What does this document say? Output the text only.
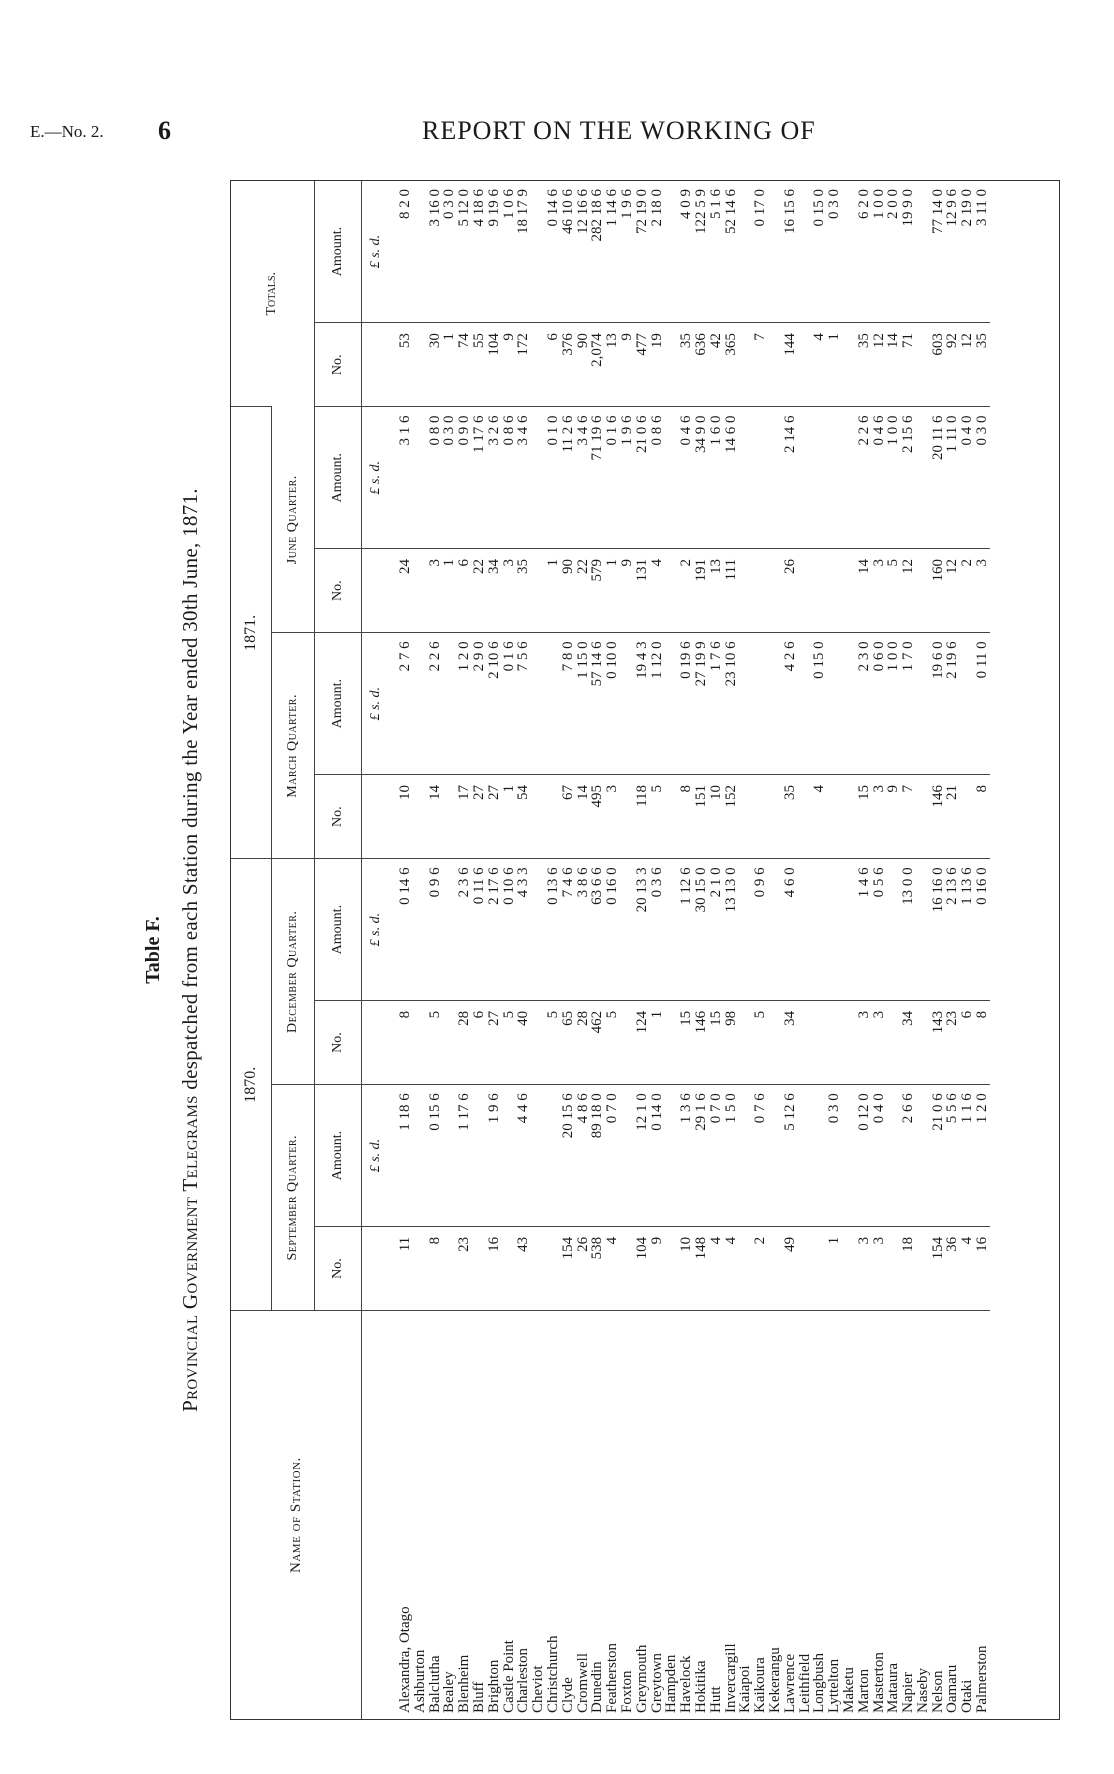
E.—No. 2. 6	REPORT ON THE WORKING OF
Table F.
Provincial Government Telegrams despatched from each Station during the Year ended 30th June, 1871.
Name of Station.	1870.				1871.				Totals.	
	September Quarter.		December Quarter.		March Quarter.		June Quarter.			
	No.	Amount.	No.	Amount.	No.	Amount.	No.	Amount.	No.	Amount.
		£ s. d.		£ s. d.		£ s. d.		£ s. d.		£ s. d.
Alexandra, Otago	11	1 18 6	8	0 14 6	10	2 7 6	24	3 1 6	53	8 2 0
Ashburton										
Balclutha	8	0 15 6	5	0 9 6	14	2 2 6	3	0 8 0	30	3 16 0
Bealey							1	0 3 0	1	0 3 0
Blenheim	23	1 17 6	28	2 3 6	17	1 2 0	6	0 9 0	74	5 12 0
Bluff			6	0 11 6	27	2 9 0	22	1 17 6	55	4 18 6
Brighton	16	1 9 6	27	2 17 6	27	2 10 6	34	3 2 6	104	9 19 6
Castle Point			5	0 10 6	1	0 1 6	3	0 8 6	9	1 0 6
Charleston	43	4 4 6	40	4 3 3	54	7 5 6	35	3 4 6	172	18 17 9
Cheviot										
Christchurch			5	0 13 6			1	0 1 0	6	0 14 6
Clyde	154	20 15 6	65	7 4 6	67	7 8 0	90	11 2 6	376	46 10 6
Cromwell	26	4 8 6	28	3 8 6	14	1 15 0	22	3 4 6	90	12 16 6
Dunedin	538	89 18 0	462	63 6 6	495	57 14 6	579	71 19 6	2,074	282 18 6
Featherston	4	0 7 0	5	0 16 0	3	0 10 0	1	0 1 6	13	1 14 6
Foxton							9	1 9 6	9	1 9 6
Greymouth	104	12 1 0	124	20 13 3	118	19 4 3	131	21 0 6	477	72 19 0
Greytown	9	0 14 0	1	0 3 6	5	1 12 0	4	0 8 6	19	2 18 0
Hampden										
Havelock	10	1 3 6	15	1 12 6	8	0 19 6	2	0 4 6	35	4 0 9
Hokitika	148	29 1 6	146	30 15 0	151	27 19 9	191	34 9 0	636	122 5 9
Hutt	4	0 7 0	15	2 1 0	10	1 7 6	13	1 6 0	42	5 1 6
Invercargill	4	1 5 0	98	13 13 0	152	23 10 6	111	14 6 0	365	52 14 6
Kaiapoi										
Kaikoura	2	0 7 6	5	0 9 6					7	0 17 0
Kekerangu										
Lawrence	49	5 12 6	34	4 6 0	35	4 2 6	26	2 14 6	144	16 15 6
Leithfield										
Longbush					4	0 15 0			4	0 15 0
Lyttelton	1	0 3 0							1	0 3 0
Maketu										
Marton	3	0 12 0	3	1 4 6	15	2 3 0	14	2 2 6	35	6 2 0
Masterton	3	0 4 0	3	0 5 6	3	0 6 0	3	0 4 6	12	1 0 0
Mataura					9	1 0 0	5	1 0 0	14	2 0 0
Napier	18	2 6 6	34	13 0 0	7	1 7 0	12	2 15 6	71	19 9 0
Naseby										
Nelson	154	21 0 6	143	16 16 0	146	19 6 0	160	20 11 6	603	77 14 0
Oamaru	36	5 5 6	23	2 13 6	21	2 19 6	12	1 11 0	92	12 9 6
Otaki	4	1 1 6	6	1 13 6			2	0 4 0	12	2 19 0
Palmerston	16	1 2 0	8	0 16 0	8	0 11 0	3	0 3 0	35	3 11 0
